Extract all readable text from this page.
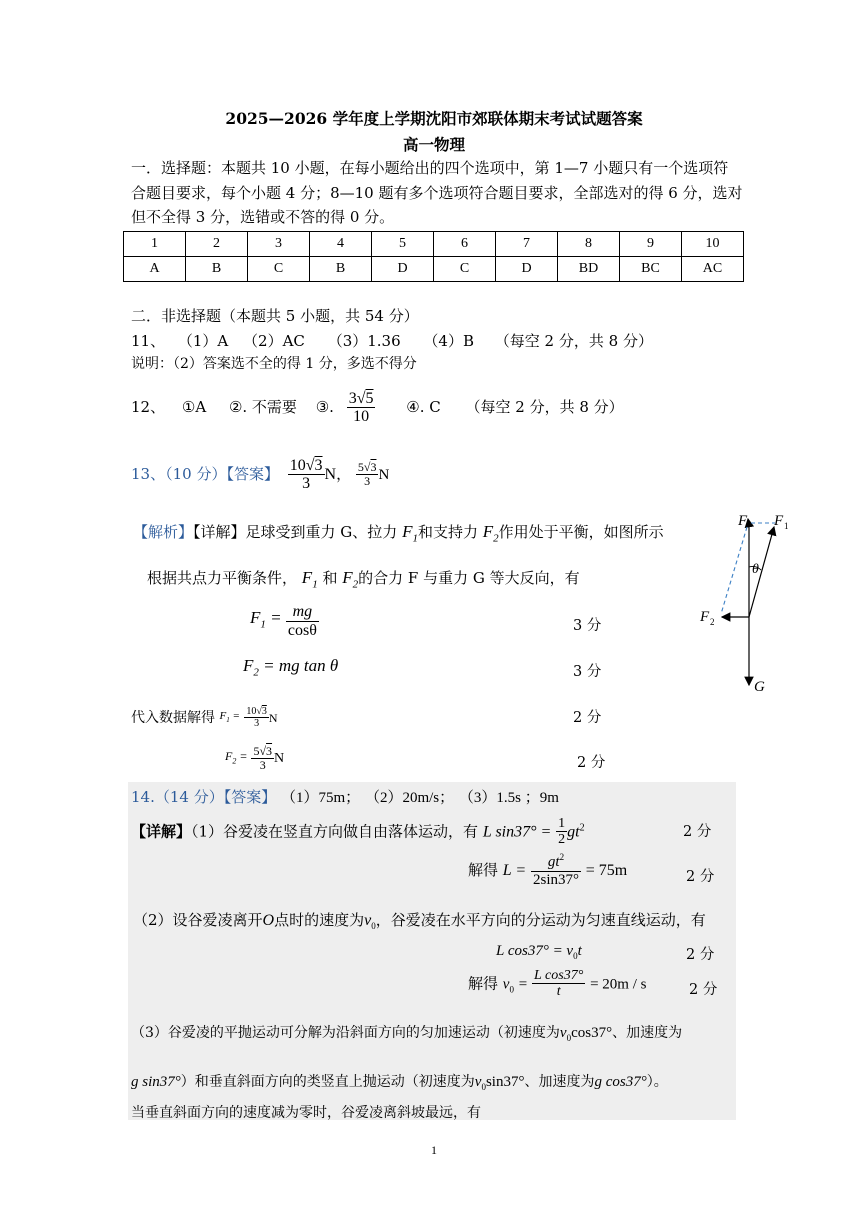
2025—2026 学年度上学期沈阳市郊联体期末考试试题答案
高一物理
一．选择题：本题共 10 小题，在每小题给出的四个选项中，第 1—7 小题只有一个选项符
合题目要求，每个小题 4 分；8—10 题有多个选项符合题目要求，全部选对的得 6 分，选对
但不全得 3 分，选错或不答的得 0 分。
1	2	3	4	5	6	7	8	9	10
A	B	C	B	D	C	D	BD	BC	AC
二．非选择题（本题共 5 小题，共 54 分）
11、 （1）A （2）AC （3）1.36 （4）B （每空 2 分，共 8 分）
说明：（2）答案选不全的得 1 分，多选不得分
12、 ①A ②. 不需要 ③. $\frac{3√5}{10}$ ④. C （每空 2 分，共 8 分）
13、（10 分）【答案】 $\frac{10√3}{3}$ N， $\frac{5√3}{3}$ N
【解析】【详解】足球受到重力 G、拉力 $F_1$和支持力 $F_2$作用处于平衡，如图所示
根据共点力平衡条件， $F_1$ 和 $F_2$的合力 F 与重力 G 等大反向，有
$F_1 = \frac{mg}{\cos\theta}$	3 分
$F_2$ = mg tan θ	3 分
代入数据解得 $F_1 = \frac{10√3}{3}$ N	2 分
$F_2 = \frac{5√3}{3}$ N	2 分
F F 1
θ
F 2
G
14.（14 分）【答案】 （1）75m； （2）20m/s； （3）1.5s ；9m
【详解】（1）谷爱凌在竖直方向做自由落体运动，有 L $\sin 37^\circ = \frac{1}{2} gt^2$	2 分
解得 $L = \frac{gt^2}{2\sin 37^\circ} = 75m$	2 分
（2）设谷爱凌离开O点时的速度为$v_0$，谷爱凌在水平方向的分运动为匀速直线运动，有
L $\cos 37^\circ = v_0t$	2 分
解得 $v_0 = \frac{\text{L cos37°}}{t} = 20m / s$	2 分
（3）谷爱凌的平抛运动可分解为沿斜面方向的匀加速运动（初速度为$v_0\cos 37^\circ$、加速度为
g sin37°）和垂直斜面方向的类竖直上抛运动（初速度为$v_0\sin 37^\circ$、加速度为g cos37°）。
当垂直斜面方向的速度减为零时，谷爱凌离斜坡最远，有
1
